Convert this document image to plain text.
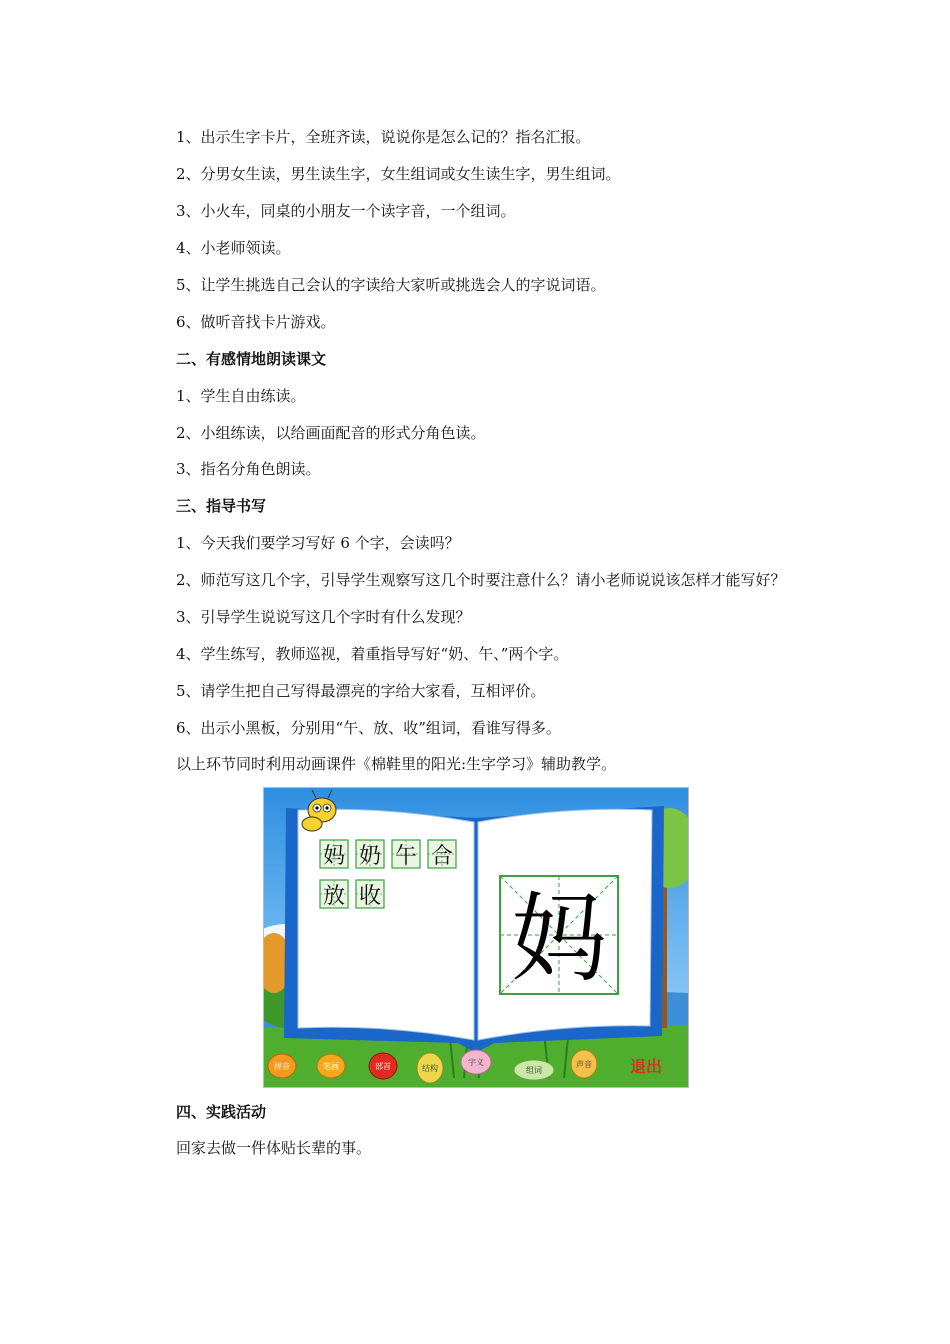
1、出示生字卡片，全班齐读，说说你是怎么记的？指名汇报。
2、分男女生读，男生读生字，女生组词或女生读生字，男生组词。
3、小火车，同桌的小朋友一个读字音，一个组词。
4、小老师领读。
5、让学生挑选自己会认的字读给大家听或挑选会人的字说词语。
6、做听音找卡片游戏。
二、有感情地朗读课文
1、学生自由练读。
2、小组练读，以给画面配音的形式分角色读。
3、指名分角色朗读。
三、指导书写
1、今天我们要学习写好 6 个字，会读吗？
2、师范写这几个字，引导学生观察写这几个时要注意什么？请小老师说说该怎样才能写好？
3、引导学生说说写这几个字时有什么发现？
4、学生练写，教师巡视，着重指导写好“奶、午、”两个字。
5、请学生把自己写得最漂亮的字给大家看，互相评价。
6、出示小黑板，分别用“午、放、收”组词，看谁写得多。
以上环节同时利用动画课件《棉鞋里的阳光:生字学习》辅助教学。
妈 奶 午 合
放 收 妈
拼音	笔画	部首	结构
字义
组词
声音 退出
四、实践活动
回家去做一件体贴长辈的事。
